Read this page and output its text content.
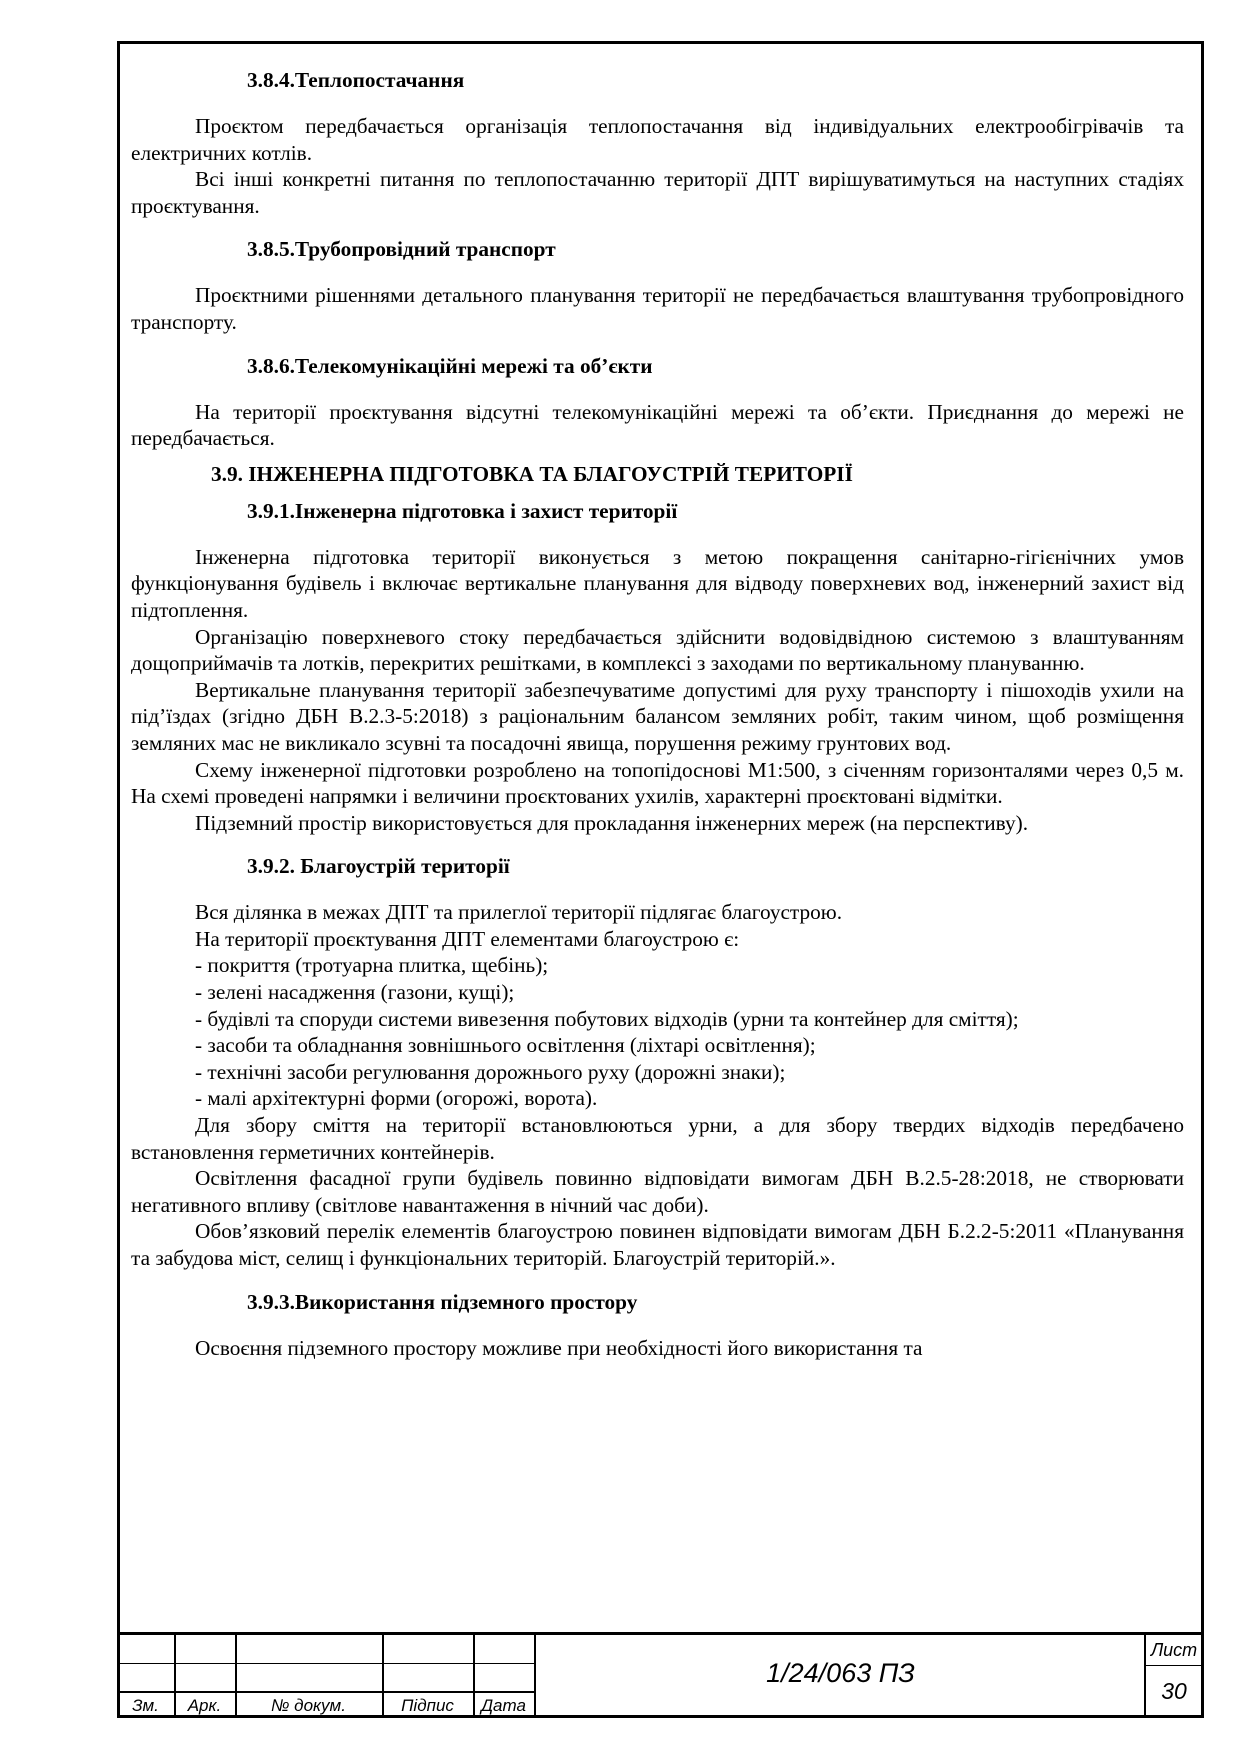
3.8.4.Теплопостачання

Проєктом передбачається організація теплопостачання від індивідуальних електрообігрівачів та електричних котлів.

Всі інші конкретні питання по теплопостачанню території ДПТ вирішуватимуться на наступних стадіях проєктування.

3.8.5.Трубопровідний транспорт

Проєктними рішеннями детального планування території не передбачається влаштування трубопровідного транспорту.

3.8.6.Телекомунікаційні мережі та об’єкти

На території проєктування відсутні телекомунікаційні мережі та об’єкти. Приєднання до мережі не передбачається.

3.9. ІНЖЕНЕРНА ПІДГОТОВКА ТА БЛАГОУСТРІЙ ТЕРИТОРІЇ
3.9.1.Інженерна підготовка і захист території

Інженерна підготовка території виконується з метою покращення санітарно-гігієнічних умов функціонування будівель і включає вертикальне планування для відводу поверхневих вод, інженерний захист від підтоплення.

Організацію поверхневого стоку передбачається здійснити водовідвідною системою з влаштуванням дощоприймачів та лотків, перекритих решітками, в комплексі з заходами по вертикальному плануванню.

Вертикальне планування території забезпечуватиме допустимі для руху транспорту і пішоходів ухили на під’їздах (згідно ДБН В.2.3-5:2018) з раціональним балансом земляних робіт, таким чином, щоб розміщення земляних мас не викликало зсувні та посадочні явища, порушення режиму грунтових вод.

Схему інженерної підготовки розроблено на топопідоснові М1:500, з січенням горизонталями через 0,5 м. На схемі проведені напрямки і величини проєктованих ухилів, характерні проєктовані відмітки.

Підземний простір використовується для прокладання інженерних мереж (на перспективу).

3.9.2. Благоустрій території

Вся ділянка в межах ДПТ та прилеглої території підлягає благоустрою.

На території проєктування ДПТ елементами благоустрою є:

- покриття (тротуарна плитка, щебінь);

- зелені насадження (газони, кущі);

- будівлі та споруди системи вивезення побутових відходів (урни та контейнер для сміття);

- засоби та обладнання зовнішнього освітлення (ліхтарі освітлення);

- технічні засоби регулювання дорожнього руху (дорожні знаки);

- малі архітектурні форми (огорожі, ворота).

Для збору сміття на території встановлюються урни, а для збору твердих відходів передбачено встановлення герметичних контейнерів.

Освітлення фасадної групи будівель повинно відповідати вимогам ДБН В.2.5-28:2018, не створювати негативного впливу (світлове навантаження в нічний час доби).

Обов’язковий перелік елементів благоустрою повинен відповідати вимогам ДБН Б.2.2-5:2011 «Планування та забудова міст, селищ і функціональних територій. Благоустрій територій.».

3.9.3.Використання підземного простору

Освоєння підземного простору можливе при необхідності його використання та

Зм.	Арк.	№ докум.	Підпис	Дата
1/24/063 ПЗ
Лист
30
